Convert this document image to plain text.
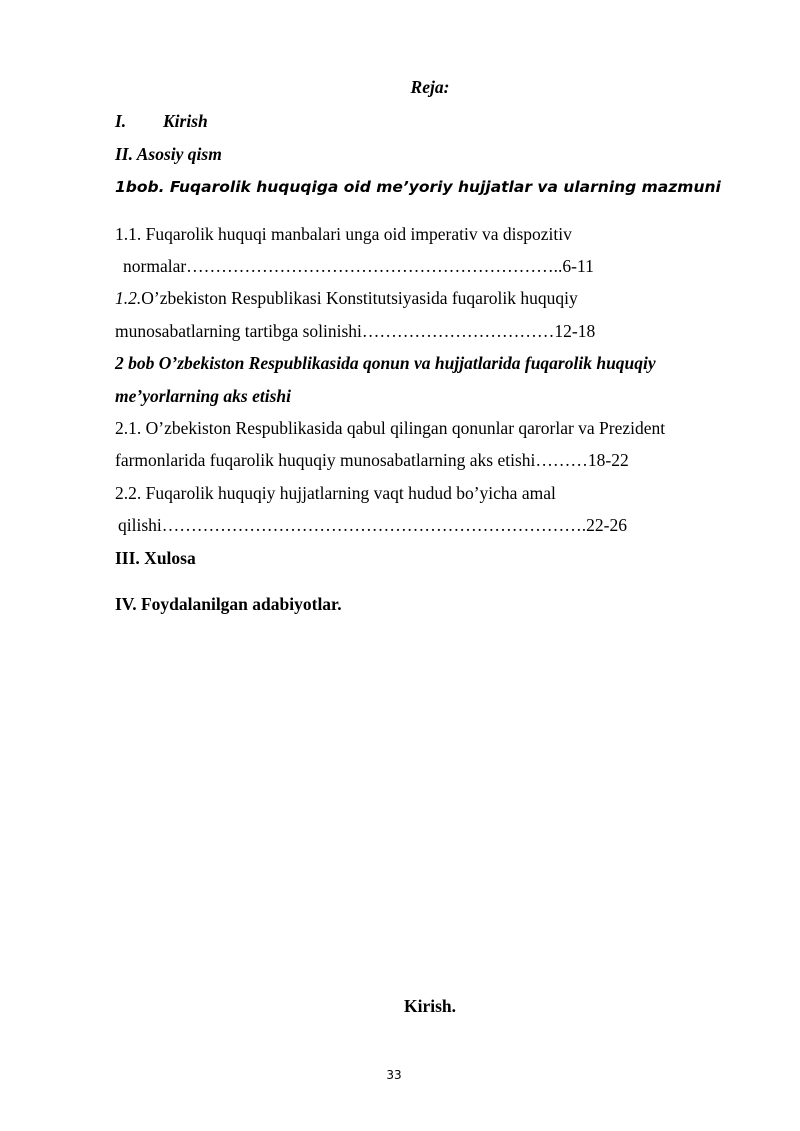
Reja:
I. Kirish
II. Asosiy qism
1bob. Fuqarolik huquqiga oid me’yoriy hujjatlar va ularning mazmuni
1.1. Fuqarolik huquqi manbalari unga oid imperativ va dispozitiv
normalar………………………………………………………..6-11
1.2.O’zbekiston Respublikasi Konstitutsiyasida fuqarolik huquqiy
munosabatlarning tartibga solinishi……………………………12-18
2 bob O’zbekiston Respublikasida qonun va hujjatlarida fuqarolik huquqiy
me’yorlarning aks etishi
2.1. O’zbekiston Respublikasida qabul qilingan qonunlar qarorlar va Prezident
farmonlarida fuqarolik huquqiy munosabatlarning aks etishi………18-22
2.2. Fuqarolik huquqiy hujjatlarning vaqt hudud bo’yicha amal
qilishi……………………………………………………………….22-26
III. Xulosa
IV. Foydalanilgan adabiyotlar.
Kirish.
33
